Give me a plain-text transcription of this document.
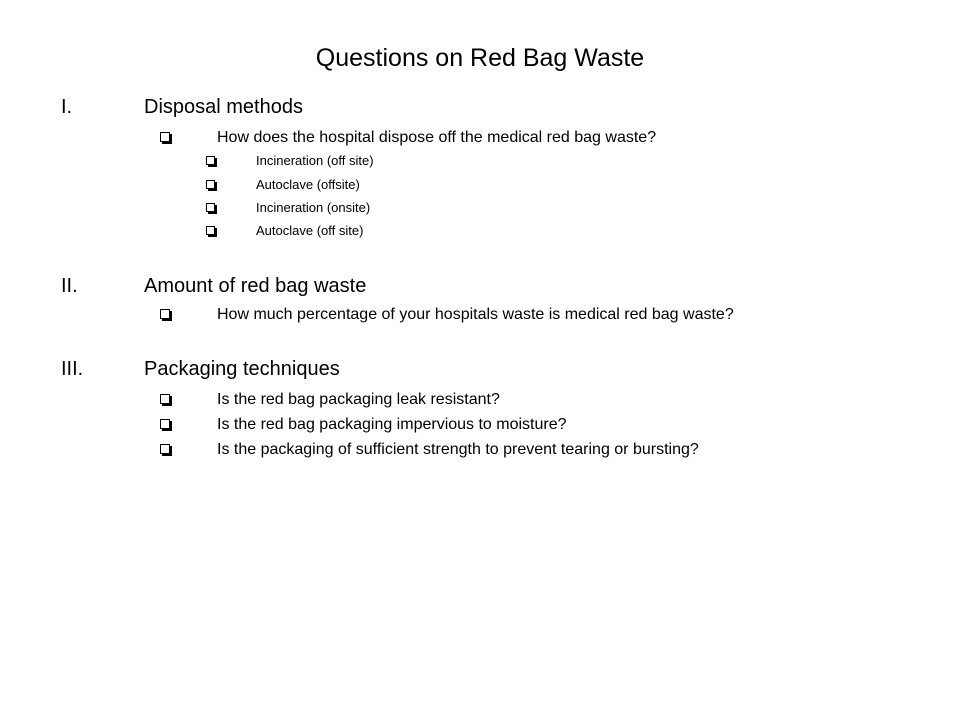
Questions on Red Bag Waste
I.	Disposal methods
How does the hospital dispose off the medical red bag waste?
Incineration (off site)
Autoclave (offsite)
Incineration (onsite)
Autoclave (off site)
II.	Amount of red bag waste
How much percentage of your hospitals waste is medical red bag waste?
III.	Packaging techniques
Is the red bag packaging leak resistant?
Is the red bag packaging impervious to moisture?
Is the packaging of sufficient strength to prevent tearing or bursting?
